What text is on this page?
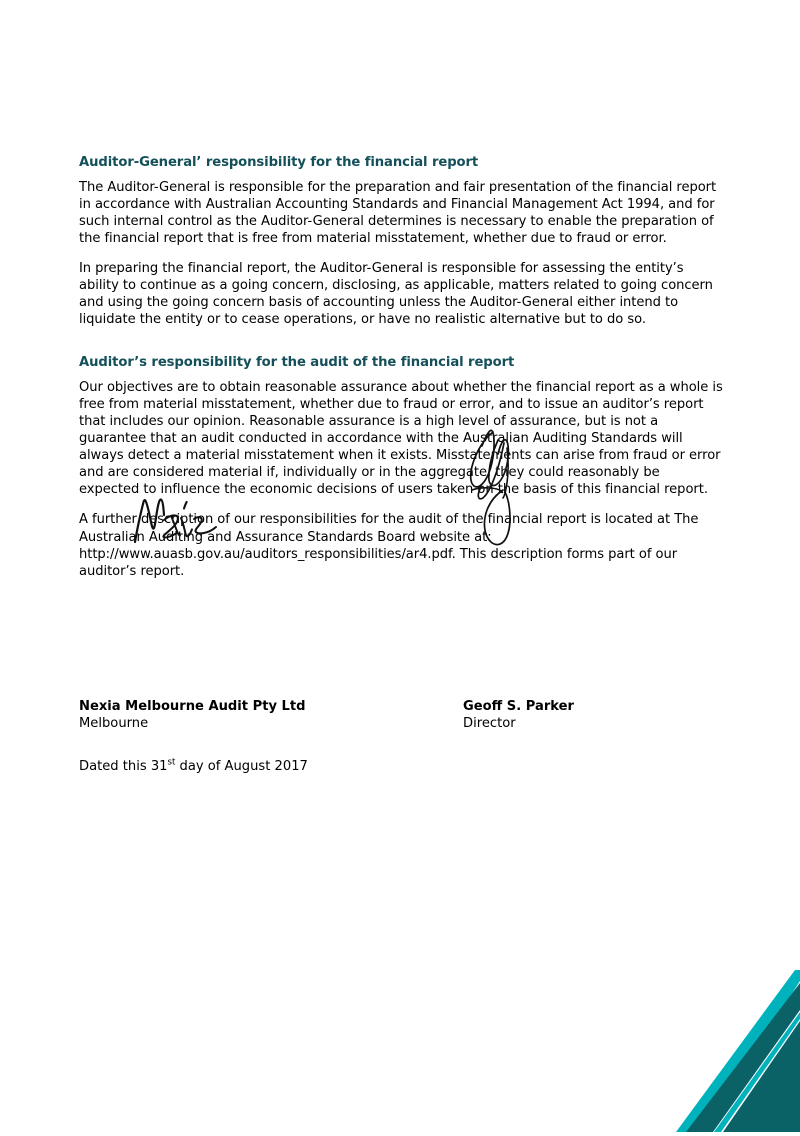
Auditor-General’ responsibility for the financial report

The Auditor-General is responsible for the preparation and fair presentation of the financial report in accordance with Australian Accounting Standards and Financial Management Act 1994, and for such internal control as the Auditor-General determines is necessary to enable the preparation of the financial report that is free from material misstatement, whether due to fraud or error.

In preparing the financial report, the Auditor-General is responsible for assessing the entity’s ability to continue as a going concern, disclosing, as applicable, matters related to going concern and using the going concern basis of accounting unless the Auditor-General either intend to liquidate the entity or to cease operations, or have no realistic alternative but to do so.

Auditor’s responsibility for the audit of the financial report

Our objectives are to obtain reasonable assurance about whether the financial report as a whole is free from material misstatement, whether due to fraud or error, and to issue an auditor’s report that includes our opinion. Reasonable assurance is a high level of assurance, but is not a guarantee that an audit conducted in accordance with the Australian Auditing Standards will always detect a material misstatement when it exists. Misstatements can arise from fraud or error and are considered material if, individually or in the aggregate, they could reasonably be expected to influence the economic decisions of users taken on the basis of this financial report.

A further description of our responsibilities for the audit of the financial report is located at The Australian Auditing and Assurance Standards Board website at: http://www.auasb.gov.au/auditors_responsibilities/ar4.pdf. This description forms part of our auditor’s report.

Nexia Melbourne Audit Pty Ltd

Melbourne

Geoff S. Parker

Director

Dated this 31st day of August 2017
